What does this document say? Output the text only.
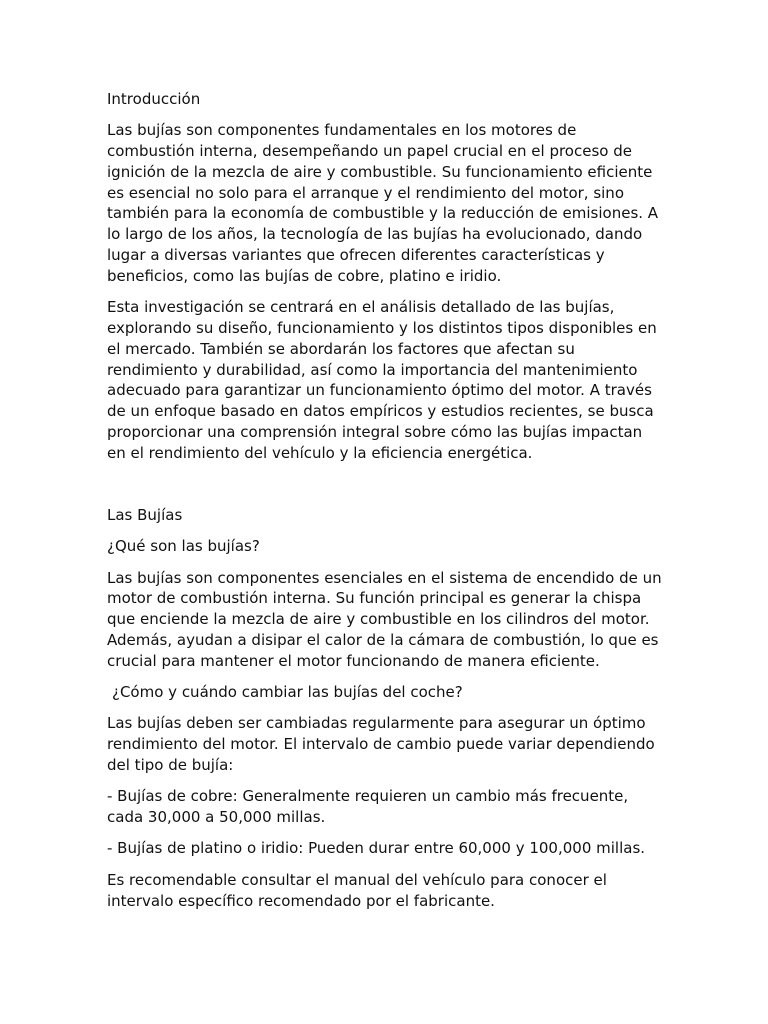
Introducción

Las bujías son componentes fundamentales en los motores de combustión interna, desempeñando un papel crucial en el proceso de ignición de la mezcla de aire y combustible. Su funcionamiento eficiente es esencial no solo para el arranque y el rendimiento del motor, sino también para la economía de combustible y la reducción de emisiones. A lo largo de los años, la tecnología de las bujías ha evolucionado, dando lugar a diversas variantes que ofrecen diferentes características y beneficios, como las bujías de cobre, platino e iridio.

Esta investigación se centrará en el análisis detallado de las bujías, explorando su diseño, funcionamiento y los distintos tipos disponibles en el mercado. También se abordarán los factores que afectan su rendimiento y durabilidad, así como la importancia del mantenimiento adecuado para garantizar un funcionamiento óptimo del motor. A través de un enfoque basado en datos empíricos y estudios recientes, se busca proporcionar una comprensión integral sobre cómo las bujías impactan en el rendimiento del vehículo y la eficiencia energética.

Las Bujías

¿Qué son las bujías?

Las bujías son componentes esenciales en el sistema de encendido de un motor de combustión interna. Su función principal es generar la chispa que enciende la mezcla de aire y combustible en los cilindros del motor. Además, ayudan a disipar el calor de la cámara de combustión, lo que es crucial para mantener el motor funcionando de manera eficiente.

¿Cómo y cuándo cambiar las bujías del coche?

Las bujías deben ser cambiadas regularmente para asegurar un óptimo rendimiento del motor. El intervalo de cambio puede variar dependiendo del tipo de bujía:

- Bujías de cobre: Generalmente requieren un cambio más frecuente, cada 30,000 a 50,000 millas.

- Bujías de platino o iridio: Pueden durar entre 60,000 y 100,000 millas.

Es recomendable consultar el manual del vehículo para conocer el intervalo específico recomendado por el fabricante.
